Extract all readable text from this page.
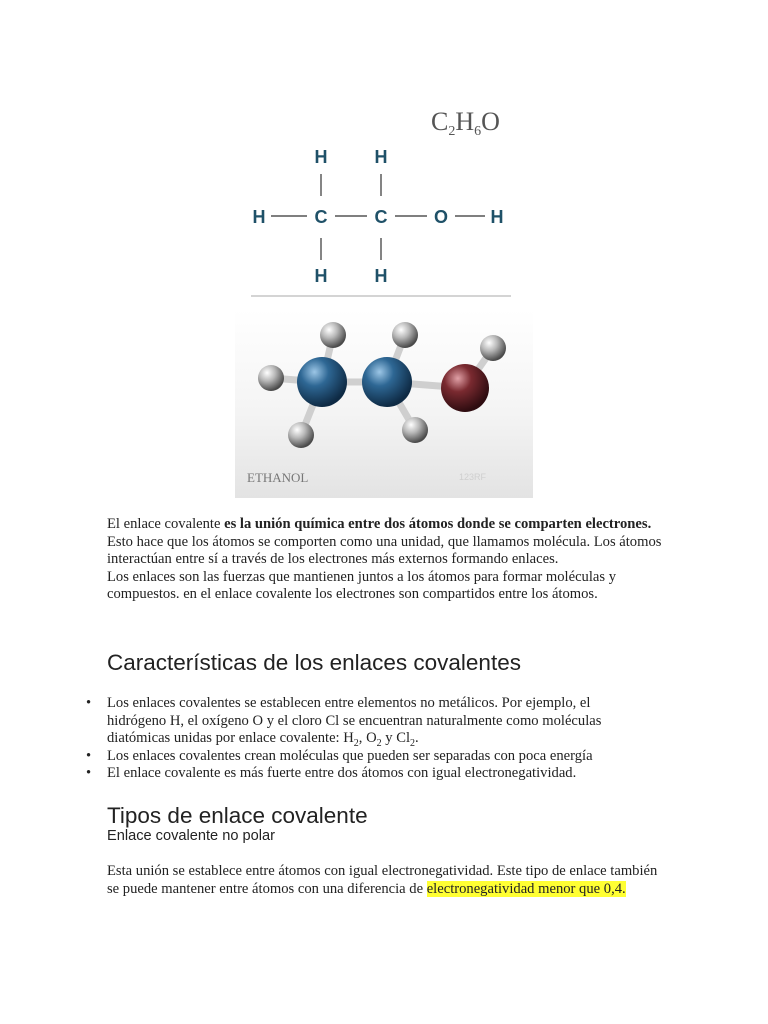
C2H6O
H	H
H	C	C	O H
H	H
ETHANOL	123RF

El enlace covalente es la unión química entre dos átomos donde se comparten electrones. Esto hace que los átomos se comporten como una unidad, que llamamos molécula. Los átomos interactúan entre sí a través de los electrones más externos formando enlaces.

Los enlaces son las fuerzas que mantienen juntos a los átomos para formar moléculas y compuestos. en el enlace covalente los electrones son compartidos entre los átomos.

Características de los enlaces covalentes
• Los enlaces covalentes se establecen entre elementos no metálicos. Por ejemplo, el hidrógeno H, el oxígeno O y el cloro Cl se encuentran naturalmente como moléculas diatómicas unidas por enlace covalente: $H_2$, $O_2$ y $Cl_2$.
• Los enlaces covalentes crean moléculas que pueden ser separadas con poca energía
• El enlace covalente es más fuerte entre dos átomos con igual electronegatividad.
Tipos de enlace covalente
Enlace covalente no polar

Esta unión se establece entre átomos con igual electronegatividad. Este tipo de enlace también se puede mantener entre átomos con una diferencia de electronegatividad menor que 0,4.
